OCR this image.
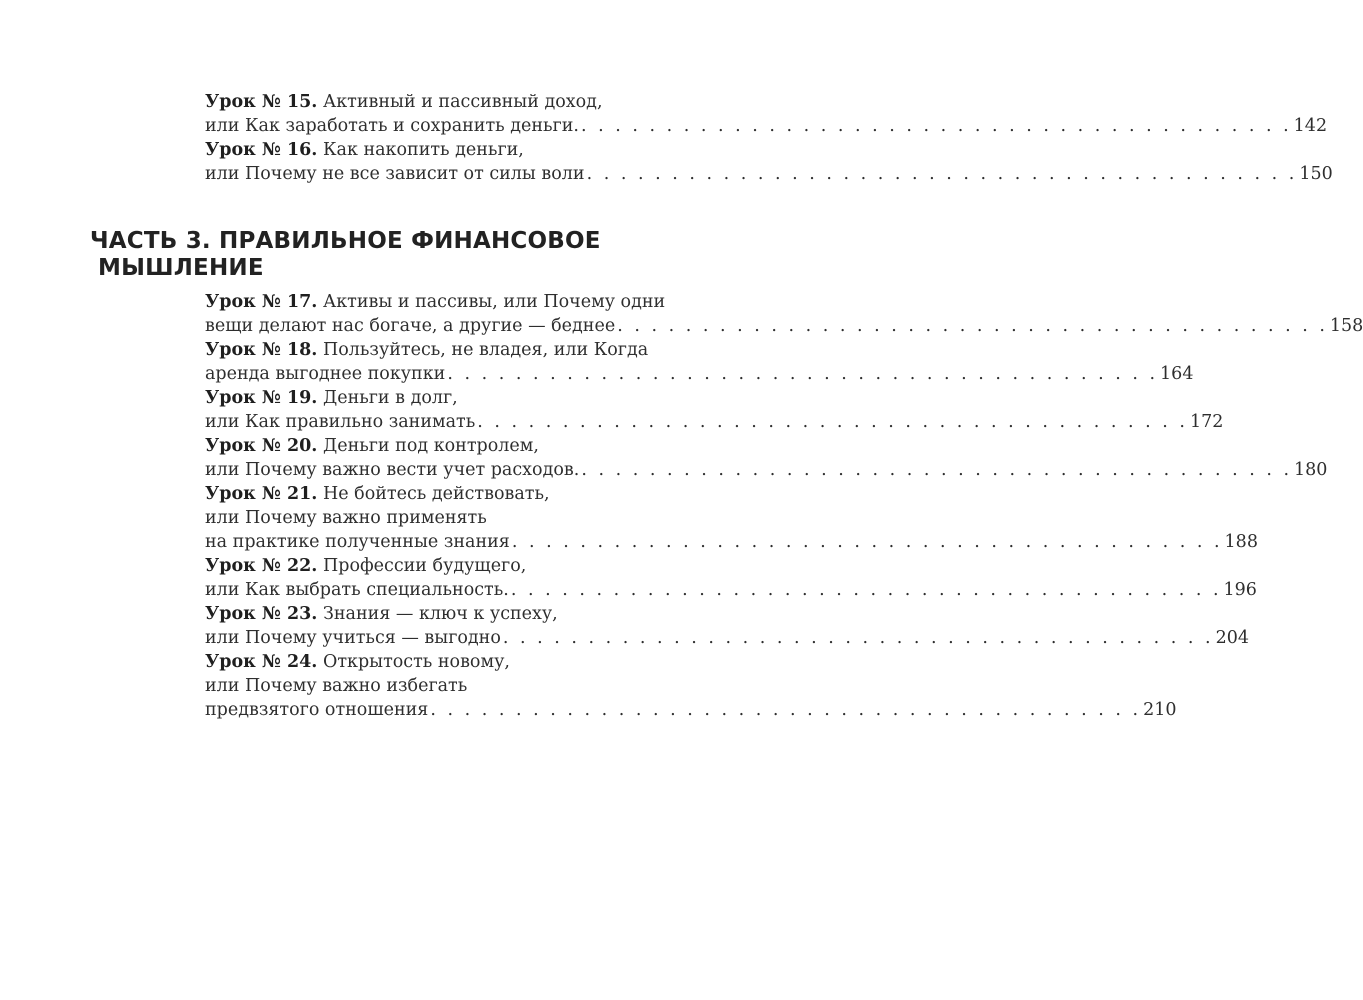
Урок № 15. Активный и пассивный доход,
или Как заработать и сохранить деньги. . . . . . . . . . . . . . . . . . . . . . . . . . . . . . . . . . . . . . . . . . . 142
Урок № 16. Как накопить деньги,
или Почему не все зависит от силы воли . . . . . . . . . . . . . . . . . . . . . . . . . . . . . . . . . . . . . . . . . . 150
ЧАСТЬ 3. ПРАВИЛЬНОЕ ФИНАНСОВОЕ
МЫШЛЕНИЕ
Урок № 17. Активы и пассивы, или Почему одни
вещи делают нас богаче, а другие — беднее . . . . . . . . . . . . . . . . . . . . . . . . . . . . . . . . . . . . . . . . . . 158
Урок № 18. Пользуйтесь, не владея, или Когда
аренда выгоднее покупки . . . . . . . . . . . . . . . . . . . . . . . . . . . . . . . . . . . . . . . . . . 164
Урок № 19. Деньги в долг,
или Как правильно занимать . . . . . . . . . . . . . . . . . . . . . . . . . . . . . . . . . . . . . . . . . . 172
Урок № 20. Деньги под контролем,
или Почему важно вести учет расходов. . . . . . . . . . . . . . . . . . . . . . . . . . . . . . . . . . . . . . . . . . . 180
Урок № 21. Не бойтесь действовать,
или Почему важно применять
на практике полученные знания . . . . . . . . . . . . . . . . . . . . . . . . . . . . . . . . . . . . . . . . . . 188
Урок № 22. Профессии будущего,
или Как выбрать специальность. . . . . . . . . . . . . . . . . . . . . . . . . . . . . . . . . . . . . . . . . . . 196
Урок № 23. Знания — ключ к успеху,
или Почему учиться — выгодно . . . . . . . . . . . . . . . . . . . . . . . . . . . . . . . . . . . . . . . . . . 204
Урок № 24. Открытость новому,
или Почему важно избегать
предвзятого отношения . . . . . . . . . . . . . . . . . . . . . . . . . . . . . . . . . . . . . . . . . . 210
